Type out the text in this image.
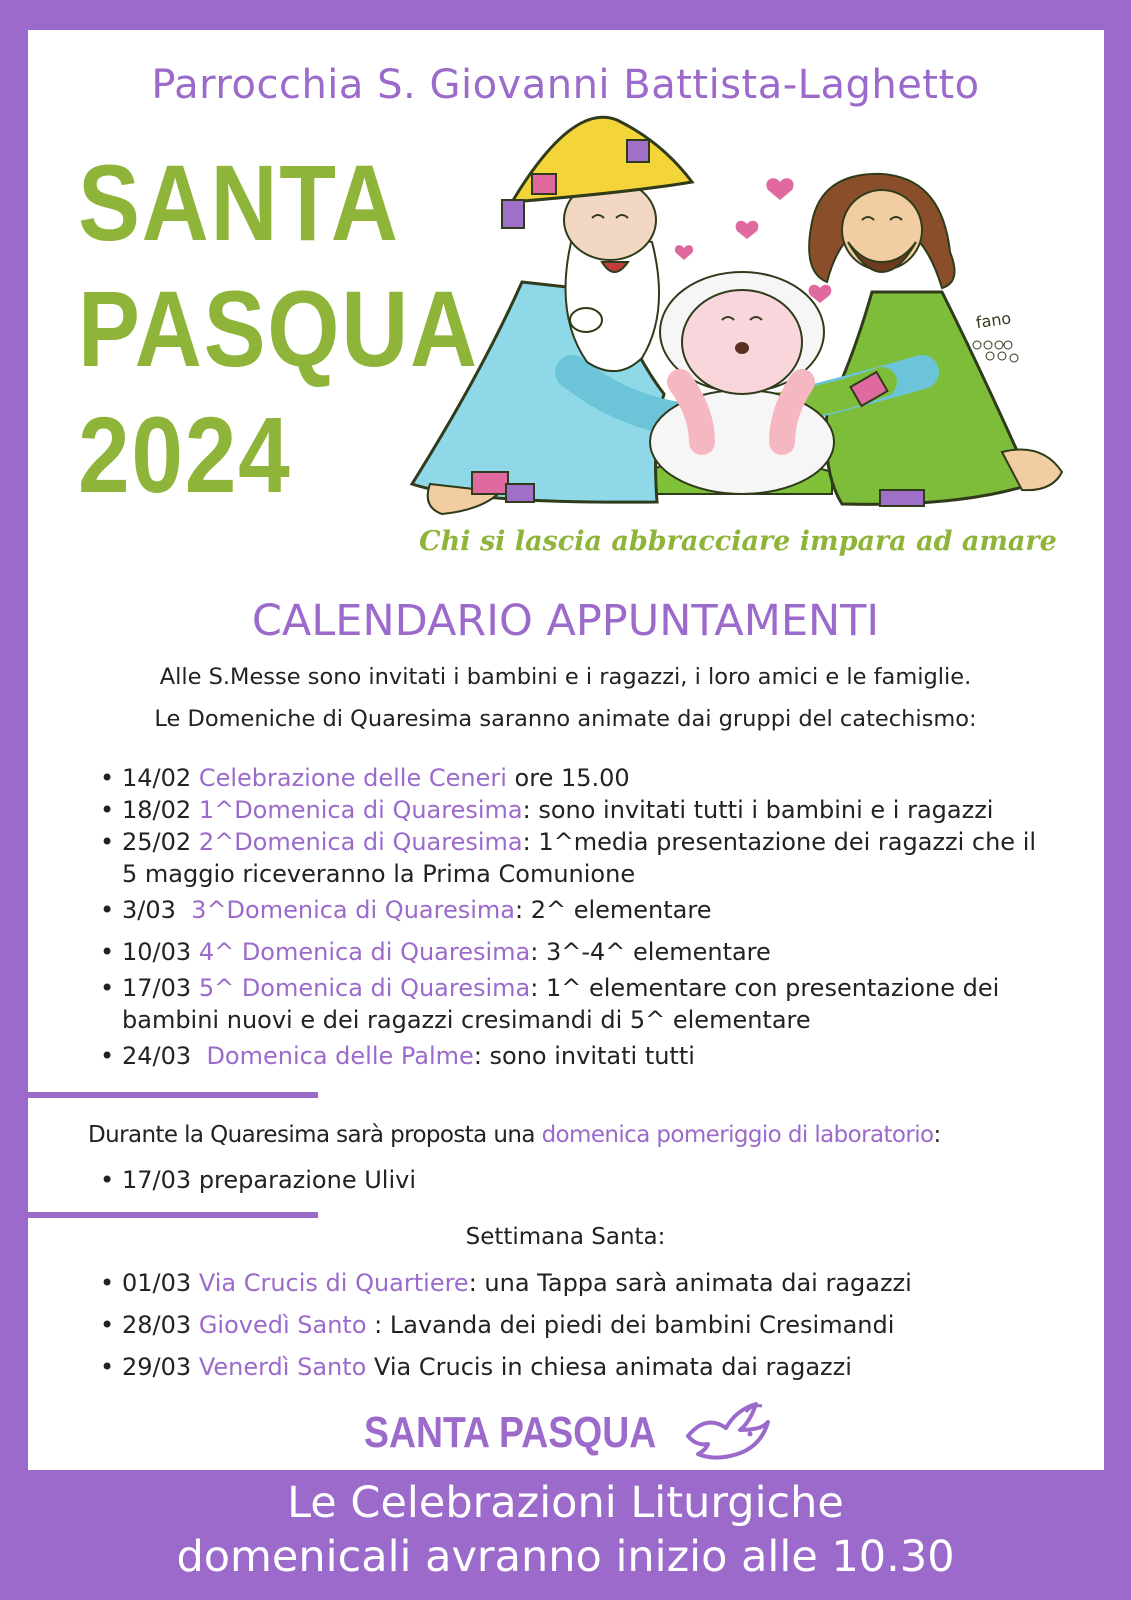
Parrocchia S. Giovanni Battista-Laghetto
SANTA
PASQUA
2024
fano
Chi si lascia abbracciare impara ad amare
CALENDARIO APPUNTAMENTI
Alle S.Messe sono invitati i bambini e i ragazzi, i loro amici e le famiglie.
Le Domeniche di Quaresima saranno animate dai gruppi del catechismo:
• 14/02 Celebrazione delle Ceneri ore 15.00
• 18/02 1^Domenica di Quaresima: sono invitati tutti i bambini e i ragazzi
• 25/02 2^Domenica di Quaresima: 1^media presentazione dei ragazzi che il 5 maggio riceveranno la Prima Comunione
• 3/03 3^Domenica di Quaresima: 2^ elementare
• 10/03 4^ Domenica di Quaresima: 3^-4^ elementare
• 17/03 5^ Domenica di Quaresima: 1^ elementare con presentazione dei bambini nuovi e dei ragazzi cresimandi di 5^ elementare
• 24/03 Domenica delle Palme: sono invitati tutti
Durante la Quaresima sarà proposta una domenica pomeriggio di laboratorio:
• 17/03 preparazione Ulivi
Settimana Santa:
• 01/03 Via Crucis di Quartiere: una Tappa sarà animata dai ragazzi
• 28/03 Giovedì Santo : Lavanda dei piedi dei bambini Cresimandi
• 29/03 Venerdì Santo Via Crucis in chiesa animata dai ragazzi
SANTA PASQUA
Le Celebrazioni Liturgiche
domenicali avranno inizio alle 10.30
